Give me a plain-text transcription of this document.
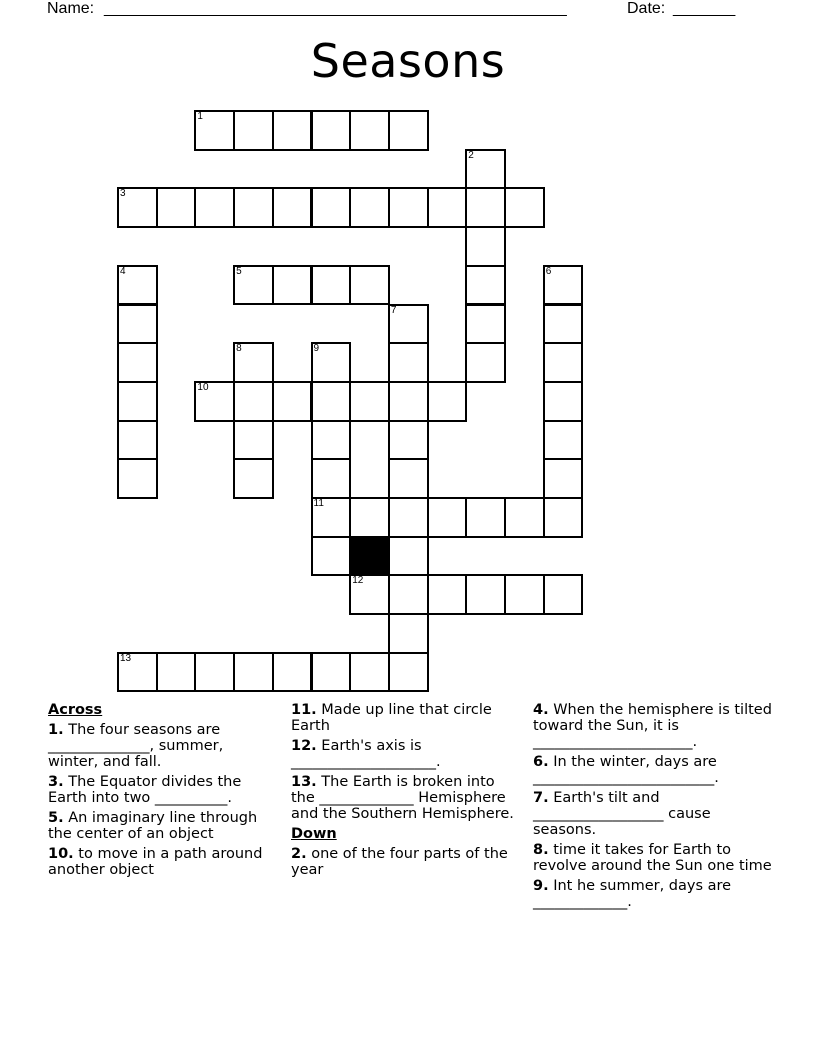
Name: ____________________________________________________	Date: _______
Seasons
1
2
3
4	5	6
7
8	9
10
11
12
13
Across
1. The four seasons are ______________, summer, winter, and fall.
3. The Equator divides the Earth into two __________.
5. An imaginary line through the center of an object
10. to move in a path around another object
11. Made up line that circle Earth
12. Earth's axis is ____________________.
13. The Earth is broken into the _____________ Hemisphere and the Southern Hemisphere.
Down
2. one of the four parts of the year
4. When the hemisphere is tilted toward the Sun, it is ______________________.
6. In the winter, days are _________________________.
7. Earth's tilt and __________________ cause seasons.
8. time it takes for Earth to revolve around the Sun one time
9. Int he summer, days are _____________.
